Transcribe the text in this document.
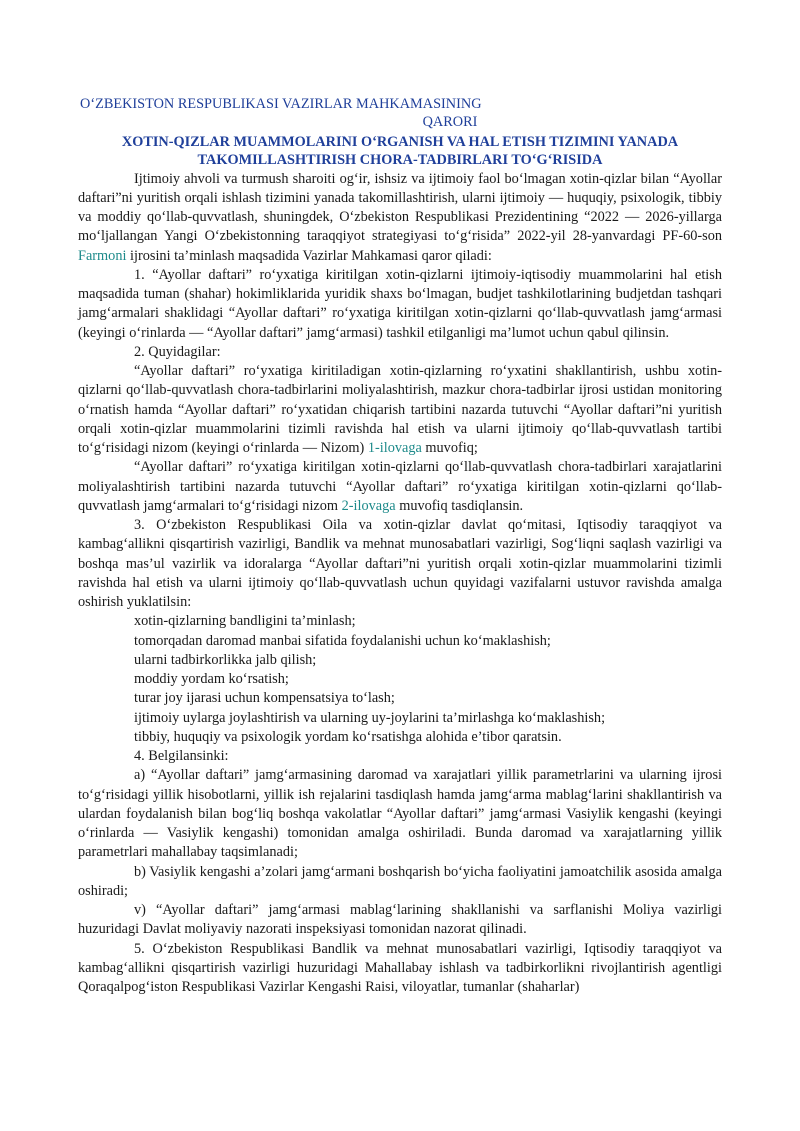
O‘ZBEKISTON RESPUBLIKASI VAZIRLAR MAHKAMASINING
QARORI
XOTIN-QIZLAR MUAMMOLARINI O‘RGANISH VA HAL ETISH TIZIMINI YANADA
TAKOMILLASHTIRISH CHORA-TADBIRLARI TO‘G‘RISIDA

Ijtimoiy ahvoli va turmush sharoiti og‘ir, ishsiz va ijtimoiy faol bo‘lmagan xotin-qizlar bilan “Ayollar daftari”ni yuritish orqali ishlash tizimini yanada takomillashtirish, ularni ijtimoiy — huquqiy, psixologik, tibbiy va moddiy qo‘llab-quvvatlash, shuningdek, O‘zbekiston Respublikasi Prezidentining “2022 — 2026-yillarga mo‘ljallangan Yangi O‘zbekistonning taraqqiyot strategiyasi to‘g‘risida” 2022-yil 28-yanvardagi PF-60-son Farmoni ijrosini ta’minlash maqsadida Vazirlar Mahkamasi qaror qiladi:

1. “Ayollar daftari” ro‘yxatiga kiritilgan xotin-qizlarni ijtimoiy-iqtisodiy muammolarini hal etish maqsadida tuman (shahar) hokimliklarida yuridik shaxs bo‘lmagan, budjet tashkilotlarining budjetdan tashqari jamg‘armalari shaklidagi “Ayollar daftari” ro‘yxatiga kiritilgan xotin-qizlarni qo‘llab-quvvatlash jamg‘armasi (keyingi o‘rinlarda — “Ayollar daftari” jamg‘armasi) tashkil etilganligi ma’lumot uchun qabul qilinsin.

2. Quyidagilar:

“Ayollar daftari” ro‘yxatiga kiritiladigan xotin-qizlarning ro‘yxatini shakllantirish, ushbu xotin-qizlarni qo‘llab-quvvatlash chora-tadbirlarini moliyalashtirish, mazkur chora-tadbirlar ijrosi ustidan monitoring o‘rnatish hamda “Ayollar daftari” ro‘yxatidan chiqarish tartibini nazarda tutuvchi “Ayollar daftari”ni yuritish orqali xotin-qizlar muammolarini tizimli ravishda hal etish va ularni ijtimoiy qo‘llab-quvvatlash tartibi to‘g‘risidagi nizom (keyingi o‘rinlarda — Nizom) 1-ilovaga muvofiq;

“Ayollar daftari” ro‘yxatiga kiritilgan xotin-qizlarni qo‘llab-quvvatlash chora-tadbirlari xarajatlarini moliyalashtirish tartibini nazarda tutuvchi “Ayollar daftari” ro‘yxatiga kiritilgan xotin-qizlarni qo‘llab-quvvatlash jamg‘armalari to‘g‘risidagi nizom 2-ilovaga muvofiq tasdiqlansin.

3. O‘zbekiston Respublikasi Oila va xotin-qizlar davlat qo‘mitasi, Iqtisodiy taraqqiyot va kambag‘allikni qisqartirish vazirligi, Bandlik va mehnat munosabatlari vazirligi, Sog‘liqni saqlash vazirligi va boshqa mas’ul vazirlik va idoralarga “Ayollar daftari”ni yuritish orqali xotin-qizlar muammolarini tizimli ravishda hal etish va ularni ijtimoiy qo‘llab-quvvatlash uchun quyidagi vazifalarni ustuvor ravishda amalga oshirish yuklatilsin:

xotin-qizlarning bandligini ta’minlash;

tomorqadan daromad manbai sifatida foydalanishi uchun ko‘maklashish;

ularni tadbirkorlikka jalb qilish;

moddiy yordam ko‘rsatish;

turar joy ijarasi uchun kompensatsiya to‘lash;

ijtimoiy uylarga joylashtirish va ularning uy-joylarini ta’mirlashga ko‘maklashish;

tibbiy, huquqiy va psixologik yordam ko‘rsatishga alohida e’tibor qaratsin.

4. Belgilansinki:

a) “Ayollar daftari” jamg‘armasining daromad va xarajatlari yillik parametrlarini va ularning ijrosi to‘g‘risidagi yillik hisobotlarni, yillik ish rejalarini tasdiqlash hamda jamg‘arma mablag‘larini shakllantirish va ulardan foydalanish bilan bog‘liq boshqa vakolatlar “Ayollar daftari” jamg‘armasi Vasiylik kengashi (keyingi o‘rinlarda — Vasiylik kengashi) tomonidan amalga oshiriladi. Bunda daromad va xarajatlarning yillik parametrlari mahallabay taqsimlanadi;

b) Vasiylik kengashi a’zolari jamg‘armani boshqarish bo‘yicha faoliyatini jamoatchilik asosida amalga oshiradi;

v) “Ayollar daftari” jamg‘armasi mablag‘larining shakllanishi va sarflanishi Moliya vazirligi huzuridagi Davlat moliyaviy nazorati inspeksiyasi tomonidan nazorat qilinadi.

5. O‘zbekiston Respublikasi Bandlik va mehnat munosabatlari vazirligi, Iqtisodiy taraqqiyot va kambag‘allikni qisqartirish vazirligi huzuridagi Mahallabay ishlash va tadbirkorlikni rivojlantirish agentligi Qoraqalpog‘iston Respublikasi Vazirlar Kengashi Raisi, viloyatlar, tumanlar (shaharlar)
